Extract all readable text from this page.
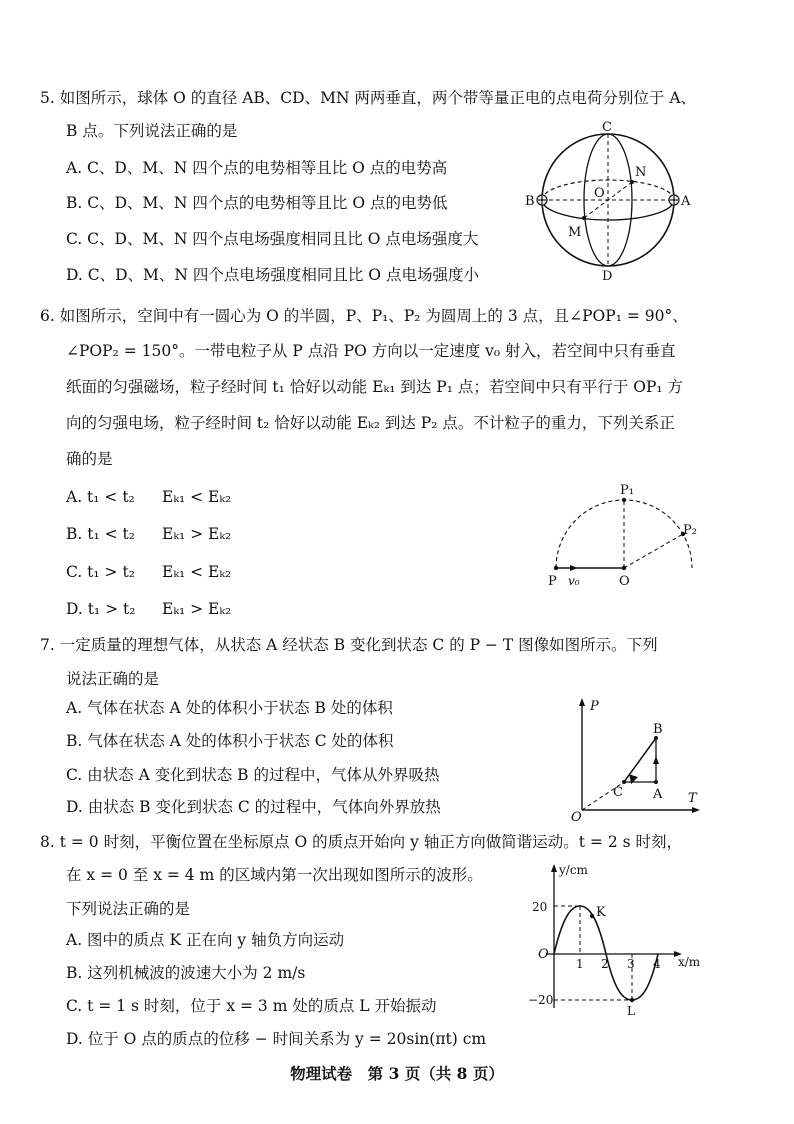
5. 如图所示，球体 O 的直径 AB、CD、MN 两两垂直，两个带等量正电的点电荷分别位于 A、
B 点。下列说法正确的是
A. C、D、M、N 四个点的电势相等且比 O 点的电势高
B. C、D、M、N 四个点的电势相等且比 O 点的电势低
C. C、D、M、N 四个点电场强度相同且比 O 点电场强度大
D. C、D、M、N 四个点电场强度相同且比 O 点电场强度小
C
D
B	A
O
N
M
6. 如图所示，空间中有一圆心为 O 的半圆，P、P₁、P₂ 为圆周上的 3 点，且∠POP₁ = 90°、
∠POP₂ = 150°。一带电粒子从 P 点沿 PO 方向以一定速度 v₀ 射入，若空间中只有垂直
纸面的匀强磁场，粒子经时间 t₁ 恰好以动能 Eₖ₁ 到达 P₁ 点；若空间中只有平行于 OP₁ 方
向的匀强电场，粒子经时间 t₂ 恰好以动能 Eₖ₂ 到达 P₂ 点。不计粒子的重力，下列关系正
确的是
A. t₁ < t₂ Eₖ₁ < Eₖ₂
B. t₁ < t₂ Eₖ₁ > Eₖ₂
C. t₁ > t₂ Eₖ₁ < Eₖ₂
D. t₁ > t₂ Eₖ₁ > Eₖ₂
P v₀	O
P₁
P₂
7. 一定质量的理想气体，从状态 A 经状态 B 变化到状态 C 的 P − T 图像如图所示。下列
说法正确的是
A. 气体在状态 A 处的体积小于状态 B 处的体积
B. 气体在状态 A 处的体积小于状态 C 处的体积
C. 由状态 A 变化到状态 B 的过程中，气体从外界吸热
D. 由状态 B 变化到状态 C 的过程中，气体向外界放热
P
T
O
B
A
C
8. t = 0 时刻，平衡位置在坐标原点 O 的质点开始向 y 轴正方向做简谐运动。t = 2 s 时刻，
在 x = 0 至 x = 4 m 的区域内第一次出现如图所示的波形。
下列说法正确的是
A. 图中的质点 K 正在向 y 轴负方向运动
B. 这列机械波的波速大小为 2 m/s
C. t = 1 s 时刻，位于 x = 3 m 处的质点 L 开始振动
D. 位于 O 点的质点的位移 − 时间关系为 y = 20sin(πt) cm
y/cm
x/m
O
20
−20
1 2 3 4
K
L
物理试卷　第 3 页（共 8 页）
